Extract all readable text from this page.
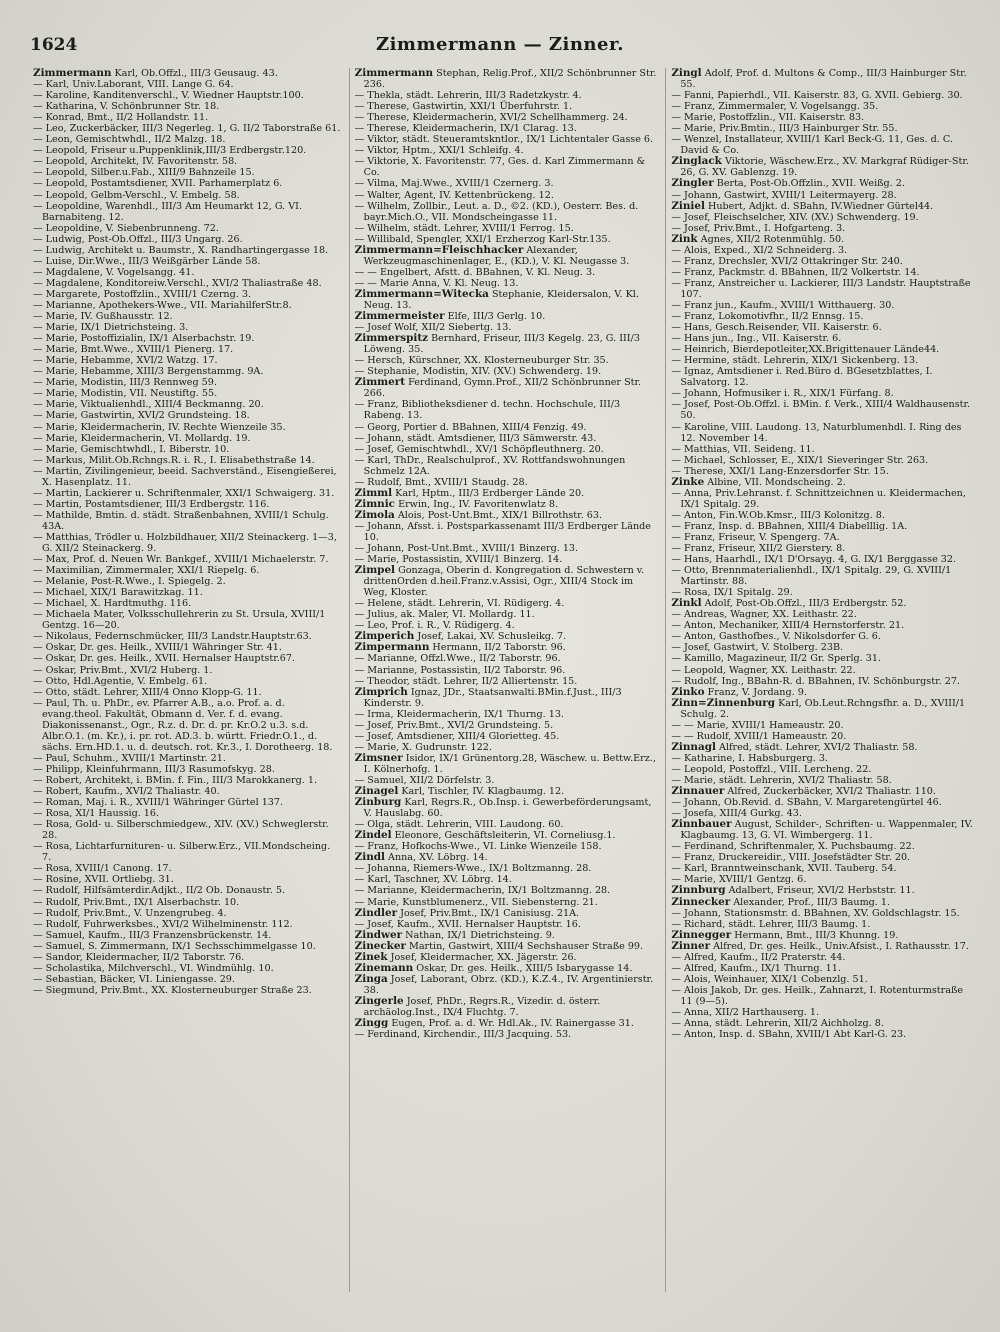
1624	Zimmermann — Zinner.
Zimmermann Karl, Ob.Offzl., III/3 Geusaug. 43.
— Karl, Univ.Laborant, VIII. Lange G. 64.
— Karoline, Kanditenverschl., V. Wiedner Hauptstr.100.
— Katharina, V. Schönbrunner Str. 18.
— Konrad, Bmt., II/2 Hollandstr. 11.
— Leo, Zuckerbäcker, III/3 Negerleg. 1, G. II/2 Taborstraße 61.
— Leon, Gemischtwhdl., II/2 Malzg. 18.
— Leopold, Friseur u.Puppenklinik,III/3 Erdbergstr.120.
— Leopold, Architekt, IV. Favoritenstr. 58.
— Leopold, Silber.u.Fab., XIII/9 Bahnzeile 15.
— Leopold, Postamtsdiener, XVII. Parhamerplatz 6.
— Leopold, Gelbm-Verschl., V. Embelg. 58.
— Leopoldine, Warenhdl., III/3 Am Heumarkt 12, G. VI. Barnabiteng. 12.
— Leopoldine, V. Siebenbrunneng. 72.
— Ludwig, Post-Ob.Offzl., III/3 Ungarg. 26.
— Ludwig, Architekt u. Baumstr., X. Randhartingergasse 18.
— Luise, Dir.Wwe., III/3 Weißgärber Lände 58.
— Magdalene, V. Vogelsangg. 41.
— Magdalene, Konditoreiw.Verschl., XVI/2 Thaliastraße 48.
— Margarete, Postoffzlin., XVIII/1 Czerng. 3.
— Marianne, Apothekers-Wwe., VII. MariahilferStr.8.
— Marie, IV. Gußhausstr. 12.
— Marie, IX/1 Dietrichsteing. 3.
— Marie, Postoffizialin, IX/1 Alserbachstr. 19.
— Marie, Bmt.Wwe., XVIII/1 Pienerg. 17.
— Marie, Hebamme, XVI/2 Watzg. 17.
— Marie, Hebamme, XIII/3 Bergenstammg. 9A.
— Marie, Modistin, III/3 Rennweg 59.
— Marie, Modistin, VII. Neustiftg. 55.
— Marie, Viktualienhdl., XIII/4 Beckmanng. 20.
— Marie, Gastwirtin, XVI/2 Grundsteing. 18.
— Marie, Kleidermacherin, IV. Rechte Wienzeile 35.
— Marie, Kleidermacherin, VI. Mollardg. 19.
— Marie, Gemischtwhdl., I. Biberstr. 10.
— Markus, Milit.Ob.Rchngs.R. i. R., I. Elisabethstraße 14.
— Martin, Zivilingenieur, beeid. Sachverständ., Eisengießerei, X. Hasenplatz. 11.
— Martin, Lackierer u. Schriftenmaler, XXI/1 Schwaigerg. 31.
— Martin, Postamtsdiener, III/3 Erdbergstr. 116.
— Mathilde, Bmtin. d. städt. Straßenbahnen, XVIII/1 Schulg. 43A.
— Matthias, Trödler u. Holzbildhauer, XII/2 Steinackerg. 1—3, G. XII/2 Steinackerg. 9.
— Max, Prof. d. Neuen Wr. Bankgef., XVIII/1 Michaelerstr. 7.
— Maximilian, Zimmermaler, XXI/1 Riepelg. 6.
— Melanie, Post-R.Wwe., I. Spiegelg. 2.
— Michael, XIX/1 Barawitzkag. 11.
— Michael, X. Hardtmuthg. 116.
— Michaela Mater, Volksschullehrerin zu St. Ursula, XVIII/1 Gentzg. 16—20.
— Nikolaus, Federnschmücker, III/3 Landstr.Hauptstr.63.
— Oskar, Dr. ges. Heilk., XVIII/1 Währinger Str. 41.
— Oskar, Dr. ges. Heilk., XVII. Hernalser Hauptstr.67.
— Oskar, Priv.Bmt., XVI/2 Huberg. 1.
— Otto, Hdl.Agentie, V. Embelg. 61.
— Otto, städt. Lehrer, XIII/4 Onno Klopp-G. 11.
— Paul, Th. u. PhDr., ev. Pfarrer A.B., a.o. Prof. a. d. evang.theol. Fakultät, Obmann d. Ver. f. d. evang. Diakonissenanst., Ogr., R.z. d. Dr. d. pr. Kr.O.2 u.3. s.d. Albr.O.1. (m. Kr.), i. pr. rot. AD.3. b. württ. Friedr.O.1., d. sächs. Ern.HD.1. u. d. deutsch. rot. Kr.3., I. Dorotheerg. 18.
— Paul, Schuhm., XVIII/1 Martinstr. 21.
— Philipp, Kleinfuhrmann, III/3 Rasumofskyg. 28.
— Robert, Architekt, i. BMin. f. Fin., III/3 Marokkanerg. 1.
— Robert, Kaufm., XVI/2 Thaliastr. 40.
— Roman, Maj. i. R., XVIII/1 Währinger Gürtel 137.
— Rosa, XI/1 Haussig. 16.
— Rosa, Gold- u. Silberschmiedgew., XIV. (XV.) Schweglerstr. 28.
— Rosa, Lichtarfurnituren- u. Silberw.Erz., VII.Mondscheing. 7.
— Rosa, XVIII/1 Canong. 17.
— Rosine, XVII. Ortliebg. 31.
— Rudolf, Hilfsämterdir.Adjkt., II/2 Ob. Donaustr. 5.
— Rudolf, Priv.Bmt., IX/1 Alserbachstr. 10.
— Rudolf, Priv.Bmt., V. Unzengrubeg. 4.
— Rudolf, Fuhrwerksbes., XVI/2 Wilhelminenstr. 112.
— Samuel, Kaufm., III/3 Franzensbrückenstr. 14.
— Samuel, S. Zimmermann, IX/1 Sechsschimmelgasse 10.
— Sandor, Kleidermacher, II/2 Taborstr. 76.
— Scholastika, Milchverschl., VI. Windmühlg. 10.
— Sebastian, Bäcker, VI. Liniengasse. 29.
— Siegmund, Priv.Bmt., XX. Klosterneuburger Straße 23.
Zimmermann Stephan, Relig.Prof., XII/2 Schönbrunner Str. 236.
— Thekla, städt. Lehrerin, III/3 Radetzkystr. 4.
— Therese, Gastwirtin, XXI/1 Überfuhrstr. 1.
— Therese, Kleidermacherin, XVI/2 Schellhammerg. 24.
— Therese, Kleidermacherin, IX/1 Clarag. 13.
— Viktor, städt. Steueramtskntlor., IX/1 Lichtentaler Gasse 6.
— Viktor, Hptm., XXI/1 Schleifg. 4.
— Viktorie, X. Favoritenstr. 77, Ges. d. Karl Zimmermann & Co.
— Vilma, Maj.Wwe., XVIII/1 Czernerg. 3.
— Walter, Agent, IV. Kettenbrückeng. 12.
— Wilhelm, Zollbir., Leut. a. D., ©2. (KD.), Oesterr. Bes. d. bayr.Mich.O., VII. Mondscheingasse 11.
— Wilhelm, städt. Lehrer, XVIII/1 Ferrog. 15.
— Willibald, Spengler, XXI/1 Erzherzog Karl-Str.135.
Zimmermann=Fleischhacker Alexander, Werkzeugmaschinenlager, E., (KD.), V. Kl. Neugasse 3.
— — Engelbert, Afstt. d. BBahnen, V. Kl. Neug. 3.
— — Marie Anna, V. Kl. Neug. 13.
Zimmermann=Witecka Stephanie, Kleidersalon, V. Kl. Neug. 13.
Zimmermeister Elfe, III/3 Gerlg. 10.
— Josef Wolf, XII/2 Siebertg. 13.
Zimmerspitz Bernhard, Friseur, III/3 Kegelg. 23, G. III/3 Löweng. 35.
— Hersch, Kürschner, XX. Klosterneuburger Str. 35.
— Stephanie, Modistin, XIV. (XV.) Schwenderg. 19.
Zimmert Ferdinand, Gymn.Prof., XII/2 Schönbrunner Str. 266.
— Franz, Bibliotheksdiener d. techn. Hochschule, III/3 Rabeng. 13.
— Georg, Portier d. BBahnen, XIII/4 Fenzig. 49.
— Johann, städt. Amtsdiener, III/3 Sämwerstr. 43.
— Josef, Gemischtwhdl., XV/1 Schöpfleuthnerg. 20.
— Karl, ThDr., Realschulprof., XV. Rottfandswohnungen Schmelz 12A.
— Rudolf, Bmt., XVIII/1 Staudg. 28.
Zimml Karl, Hptm., III/3 Erdberger Lände 20.
Zimnic Erwin, Ing., IV. Favoritenwlatz 8.
Zimola Alois, Post-Unt.Bmt., XIX/1 Billrothstr. 63.
— Johann, Afsst. i. Postsparkassenamt III/3 Erdberger Lände 10.
— Johann, Post-Unt.Bmt., XVIII/1 Binzerg. 13.
— Marie, Postassistin, XVIII/1 Binzerg. 14.
Zimpel Gonzaga, Oberin d. Kongregation d. Schwestern v. drittenOrden d.heil.Franz.v.Assisi, Ogr., XIII/4 Stock im Weg, Kloster.
— Helene, städt. Lehrerin, VI. Rüdigerg. 4.
— Julius, ak. Maler, VI. Mollardg. 11.
— Leo, Prof. i. R., V. Rüdigerg. 4.
Zimperich Josef, Lakai, XV. Schusleikg. 7.
Zimpermann Hermann, II/2 Taborstr. 96.
— Marianne, Offzl.Wwe., II/2 Taborstr. 96.
— Marianne, Postassistin, II/2 Taborstr. 96.
— Theodor, städt. Lehrer, II/2 Alliertenstr. 15.
Zimprich Ignaz, JDr., Staatsanwalti.BMin.f.Just., III/3 Kinderstr. 9.
— Irma, Kleidermacherin, IX/1 Thurng. 13.
— Josef, Priv.Bmt., XVI/2 Grundsteing. 5.
— Josef, Amtsdiener, XIII/4 Glorietteg. 45.
— Marie, X. Gudrunstr. 122.
Zimsner Isidor, IX/1 Grünentorg.28, Wäschew. u. Bettw.Erz., I. Kölnerhofg. 1.
— Samuel, XII/2 Dörfelstr. 3.
Zinagel Karl, Tischler, IV. Klagbaumg. 12.
Zinburg Karl, Regrs.R., Ob.Insp. i. Gewerbeförderungsamt, V. Hauslabg. 60.
— Olga, städt. Lehrerin, VIII. Laudong. 60.
Zindel Eleonore, Geschäftsleiterin, VI. Corneliusg.1.
— Franz, Hofkochs-Wwe., VI. Linke Wienzeile 158.
Zindl Anna, XV. Löbrg. 14.
— Johanna, Riemers-Wwe., IX/1 Boltzmanng. 28.
— Karl, Taschner, XV. Löbrg. 14.
— Marianne, Kleidermacherin, IX/1 Boltzmanng. 28.
— Marie, Kunstblumenerz., VII. Siebensterng. 21.
Zindler Josef, Priv.Bmt., IX/1 Canisiusg. 21A.
— Josef, Kaufm., XVII. Hernalser Hauptstr. 16.
Zindwer Nathan, IX/1 Dietrichsteing. 9.
Zinecker Martin, Gastwirt, XIII/4 Sechshauser Straße 99.
Zinek Josef, Kleidermacher, XX. Jägerstr. 26.
Zinemann Oskar, Dr. ges. Heilk., XIII/5 Isbarygasse 14.
Zinga Josef, Laborant, Obrz. (KD.), K.Z.4., IV. Argentinierstr. 38.
Zingerle Josef, PhDr., Regrs.R., Vizedir. d. österr. archäolog.Inst., IX/4 Fluchtg. 7.
Zingg Eugen, Prof. a. d. Wr. Hdl.Ak., IV. Rainergasse 31.
— Ferdinand, Kirchendir., III/3 Jacquing. 53.
Zingl Adolf, Prof. d. Multons & Comp., III/3 Hainburger Str. 55.
— Fanni, Papierhdl., VII. Kaiserstr. 83, G. XVII. Gebierg. 30.
— Franz, Zimmermaler, V. Vogelsangg. 35.
— Marie, Postoffzlin., VII. Kaiserstr. 83.
— Marie, Priv.Bmtin., III/3 Hainburger Str. 55.
— Wenzel, Installateur, XVIII/1 Karl Beck-G. 11, Ges. d. C. David & Co.
Zinglack Viktorie, Wäschew.Erz., XV. Markgraf Rüdiger-Str. 26, G. XV. Gablenzg. 19.
Zingler Berta, Post-Ob.Offzlin., XVII. Weißg. 2.
— Johann, Gastwirt, XVIII/1 Leitermayerg. 28.
Ziniel Hubert, Adjkt. d. SBahn, IV.Wiedner Gürtel44.
— Josef, Fleischselcher, XIV. (XV.) Schwenderg. 19.
— Josef, Priv.Bmt., I. Hofgarteng. 3.
Zink Agnes, XII/2 Rotenmühlg. 50.
— Alois, Exped., XI/2 Schneiderg. 3.
— Franz, Drechsler, XVI/2 Ottakringer Str. 240.
— Franz, Packmstr. d. BBahnen, II/2 Volkertstr. 14.
— Franz, Anstreicher u. Lackierer, III/3 Landstr. Hauptstraße 107.
— Franz jun., Kaufm., XVIII/1 Witthauerg. 30.
— Franz, Lokomotivfhr., II/2 Ennsg. 15.
— Hans, Gesch.Reisender, VII. Kaiserstr. 6.
— Hans jun., Ing., VII. Kaiserstr. 6.
— Heinrich, Bierdepotleiter,XX.Brigittenauer Lände44.
— Hermine, städt. Lehrerin, XIX/1 Sickenberg. 13.
— Ignaz, Amtsdiener i. Red.Büro d. BGesetzblattes, I. Salvatorg. 12.
— Johann, Hofmusiker i. R., XIX/1 Fürfang. 8.
— Josef, Post-Ob.Offzl. i. BMin. f. Verk., XIII/4 Waldhausenstr. 50.
— Karoline, VIII. Laudong. 13, Naturblumenhdl. I. Ring des 12. November 14.
— Matthias, VII. Seideng. 11.
— Michael, Schlosser, E., XIX/1 Sieveringer Str. 263.
— Therese, XXI/1 Lang-Enzersdorfer Str. 15.
Zinke Albine, VII. Mondscheing. 2.
— Anna, Priv.Lehranst. f. Schnittzeichnen u. Kleidermachen, IX/1 Spitalg. 29.
— Anton, Fin.W.Ob.Kmsr., III/3 Kolonitzg. 8.
— Franz, Insp. d. BBahnen, XIII/4 Diabelllig. 1A.
— Franz, Friseur, V. Spengerg. 7A.
— Franz, Friseur, XII/2 Gierstery. 8.
— Hans, Haarhdl., IX/1 D'Orsayg. 4, G. IX/1 Berggasse 32.
— Otto, Brennmaterialienhdl., IX/1 Spitalg. 29, G. XVIII/1 Martinstr. 88.
— Rosa, IX/1 Spitalg. 29.
Zinkl Adolf, Post-Ob.Offzl., III/3 Erdbergstr. 52.
— Andreas, Wagner, XX. Leithastr. 22.
— Anton, Mechaniker, XIII/4 Hernstorferstr. 21.
— Anton, Gasthofbes., V. Nikolsdorfer G. 6.
— Josef, Gastwirt, V. Stolberg. 23B.
— Kamillo, Magazineur, II/2 Gr. Sperlg. 31.
— Leopold, Wagner, XX. Leithastr. 22.
— Rudolf, Ing., BBahn-R. d. BBahnen, IV. Schönburgstr. 27.
Zinko Franz, V. Jordang. 9.
Zinn=Zinnenburg Karl, Ob.Leut.Rchngsfhr. a. D., XVIII/1 Schulg. 2.
— — Marie, XVIII/1 Hameaustr. 20.
— — Rudolf, XVIII/1 Hameaustr. 20.
Zinnagl Alfred, städt. Lehrer, XVI/2 Thaliastr. 58.
— Katharine, I. Habsburgerg. 3.
— Leopold, Postoffzl., VIII. Lercheng. 22.
— Marie, städt. Lehrerin, XVI/2 Thaliastr. 58.
Zinnauer Alfred, Zuckerbäcker, XVI/2 Thaliastr. 110.
— Johann, Ob.Revid. d. SBahn, V. Margaretengürtel 46.
— Josefa, XIII/4 Gurkg. 43.
Zinnbauer August, Schilder-, Schriften- u. Wappenmaler, IV. Klagbaumg. 13, G. VI. Wimbergerg. 11.
— Ferdinand, Schriftenmaler, X. Puchsbaumg. 22.
— Franz, Druckereidir., VIII. Josefstädter Str. 20.
— Karl, Branntweinschank, XVII. Tauberg. 54.
— Marie, XVIII/1 Gentzg. 6.
Zinnburg Adalbert, Friseur, XVI/2 Herbststr. 11.
Zinnecker Alexander, Prof., III/3 Baumg. 1.
— Johann, Stationsmstr. d. BBahnen, XV. Goldschlagstr. 15.
— Richard, städt. Lehrer, III/3 Baumg. 1.
Zinnegger Hermann, Bmt., III/3 Khunng. 19.
Zinner Alfred, Dr. ges. Heilk., Univ.Afsist., I. Rathausstr. 17.
— Alfred, Kaufm., II/2 Praterstr. 44.
— Alfred, Kaufm., IX/1 Thurng. 11.
— Alois, Weinhauer, XIX/1 Cobenzlg. 51.
— Alois Jakob, Dr. ges. Heilk., Zahnarzt, I. Rotenturmstraße 11 (9—5).
— Anna, XII/2 Harthauserg. 1.
— Anna, städt. Lehrerin, XII/2 Aichholzg. 8.
— Anton, Insp. d. SBahn, XVIII/1 Abt Karl-G. 23.
